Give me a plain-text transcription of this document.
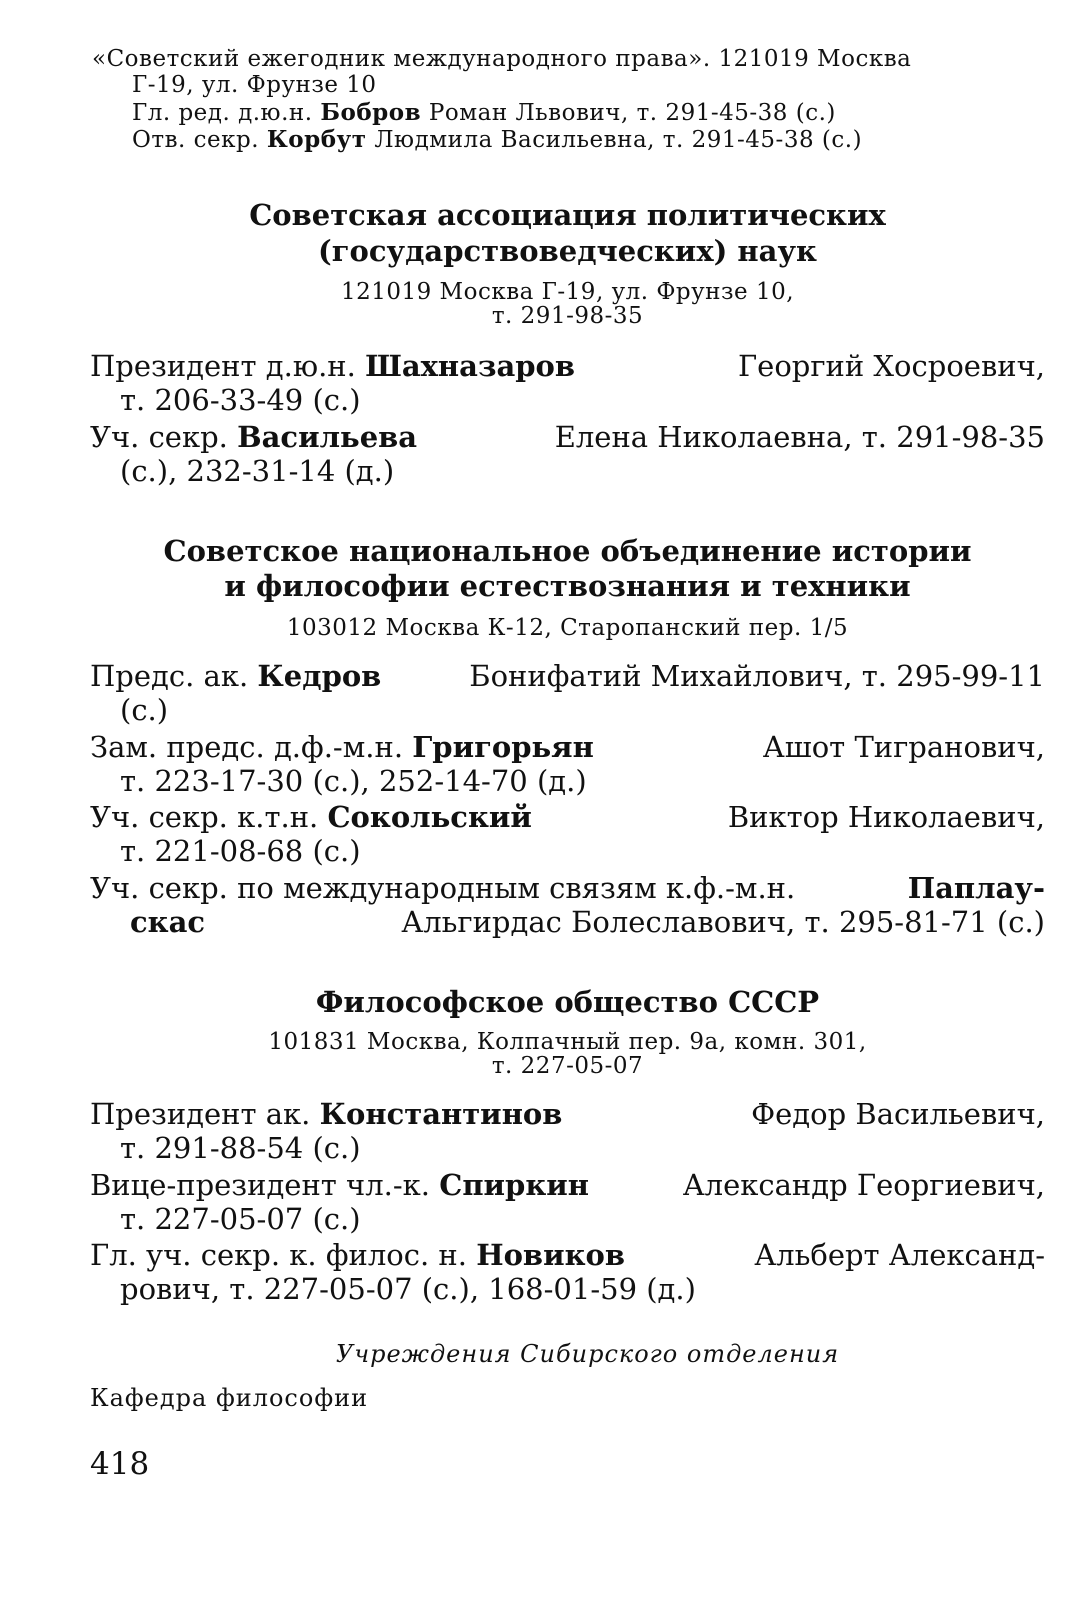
«Советский ежегодник международного права». 121019 Москва
Г-19, ул. Фрунзе 10
Гл. ред. д.ю.н. Бобров Роман Львович, т. 291-45-38 (с.)
Отв. секр. Корбут Людмила Васильевна, т. 291-45-38 (с.)
Советская ассоциация политических
(государствоведческих) наук
121019 Москва Г-19, ул. Фрунзе 10,
т. 291-98-35
Президент д.ю.н. Шахназаров	Георгий Хосроевич,
т. 206-33-49 (с.)
Уч. секр. Васильева	Елена Николаевна, т. 291-98-35
(с.), 232-31-14 (д.)
Советское национальное объединение истории
и философии естествознания и техники
103012 Москва К-12, Старопанский пер. 1/5
Предс. ак. Кедров	Бонифатий Михайлович, т. 295-99-11
(с.)
Зам. предс. д.ф.-м.н. Григорьян	Ашот Тигранович,
т. 223-17-30 (с.), 252-14-70 (д.)
Уч. секр. к.т.н. Сокольский	Виктор Николаевич,
т. 221-08-68 (с.)
Уч. секр. по международным связям к.ф.-м.н.	Паплау-
скас	Альгирдас Болеславович, т. 295-81-71 (с.)
Философское общество СССР
101831 Москва, Колпачный пер. 9а, комн. 301,
т. 227-05-07
Президент ак. Константинов	Федор Васильевич,
т. 291-88-54 (с.)
Вице-президент чл.-к. Спиркин	Александр Георгиевич,
т. 227-05-07 (с.)
Гл. уч. секр. к. филос. н. Новиков	Альберт Александ-
рович, т. 227-05-07 (с.), 168-01-59 (д.)
Учреждения Сибирского отделения
Кафедра философии
418
